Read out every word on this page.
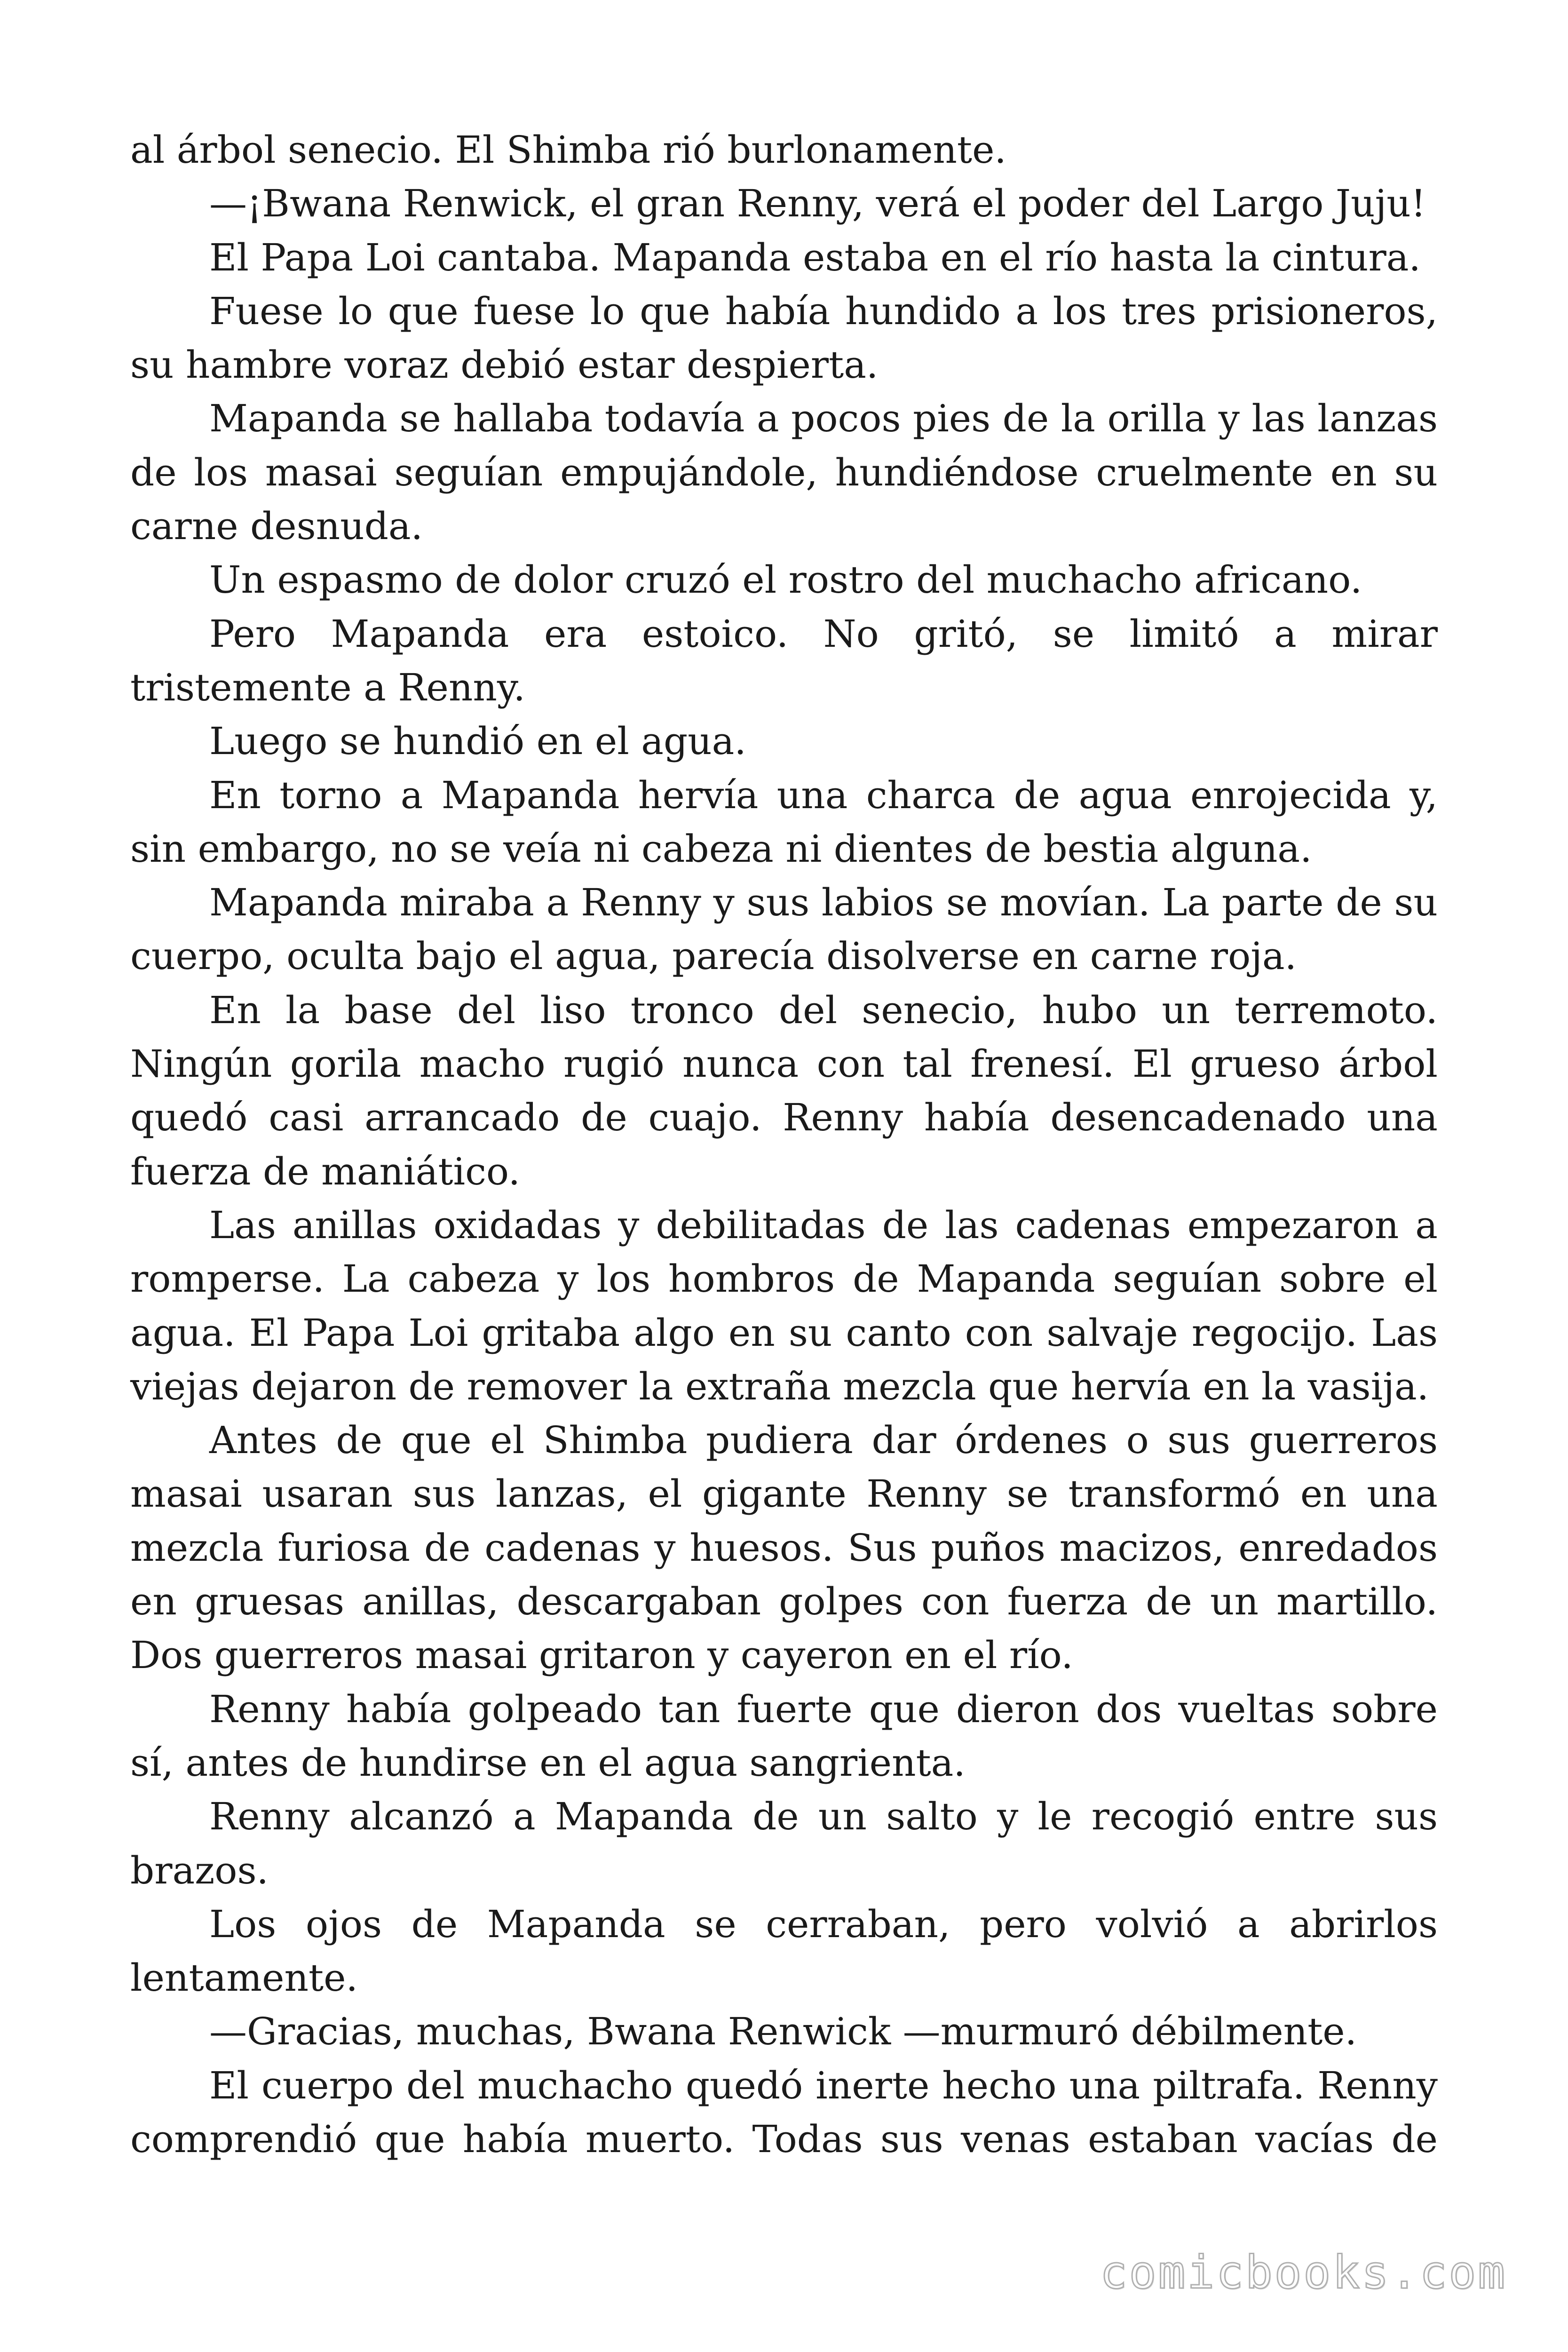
al árbol senecio. El Shimba rió burlonamente.

—¡Bwana Renwick, el gran Renny, verá el poder del Largo Juju!

El Papa Loi cantaba. Mapanda estaba en el río hasta la cintura.

Fuese lo que fuese lo que había hundido a los tres prisioneros, su hambre voraz debió estar despierta.

Mapanda se hallaba todavía a pocos pies de la orilla y las lanzas de los masai seguían empujándole, hundiéndose cruelmente en su carne desnuda.

Un espasmo de dolor cruzó el rostro del muchacho africano.

Pero Mapanda era estoico. No gritó, se limitó a mirar tristemente a Renny.

Luego se hundió en el agua.

En torno a Mapanda hervía una charca de agua enrojecida y, sin embargo, no se veía ni cabeza ni dientes de bestia alguna.

Mapanda miraba a Renny y sus labios se movían. La parte de su cuerpo, oculta bajo el agua, parecía disolverse en carne roja.

En la base del liso tronco del senecio, hubo un terremoto. Ningún gorila macho rugió nunca con tal frenesí. El grueso árbol quedó casi arrancado de cuajo. Renny había desencadenado una fuerza de maniático.

Las anillas oxidadas y debilitadas de las cadenas empezaron a romperse. La cabeza y los hombros de Mapanda seguían sobre el agua. El Papa Loi gritaba algo en su canto con salvaje regocijo. Las viejas dejaron de remover la extraña mezcla que hervía en la vasija.

Antes de que el Shimba pudiera dar órdenes o sus guerreros masai usaran sus lanzas, el gigante Renny se transformó en una mezcla furiosa de cadenas y huesos. Sus puños macizos, enredados en gruesas anillas, descargaban golpes con fuerza de un martillo. Dos guerreros masai gritaron y cayeron en el río.

Renny había golpeado tan fuerte que dieron dos vueltas sobre sí, antes de hundirse en el agua sangrienta.

Renny alcanzó a Mapanda de un salto y le recogió entre sus brazos.

Los ojos de Mapanda se cerraban, pero volvió a abrirlos lentamente.

—Gracias, muchas, Bwana Renwick —murmuró débilmente.

El cuerpo del muchacho quedó inerte hecho una piltrafa. Renny comprendió que había muerto. Todas sus venas estaban vacías de

comicbooks.com
